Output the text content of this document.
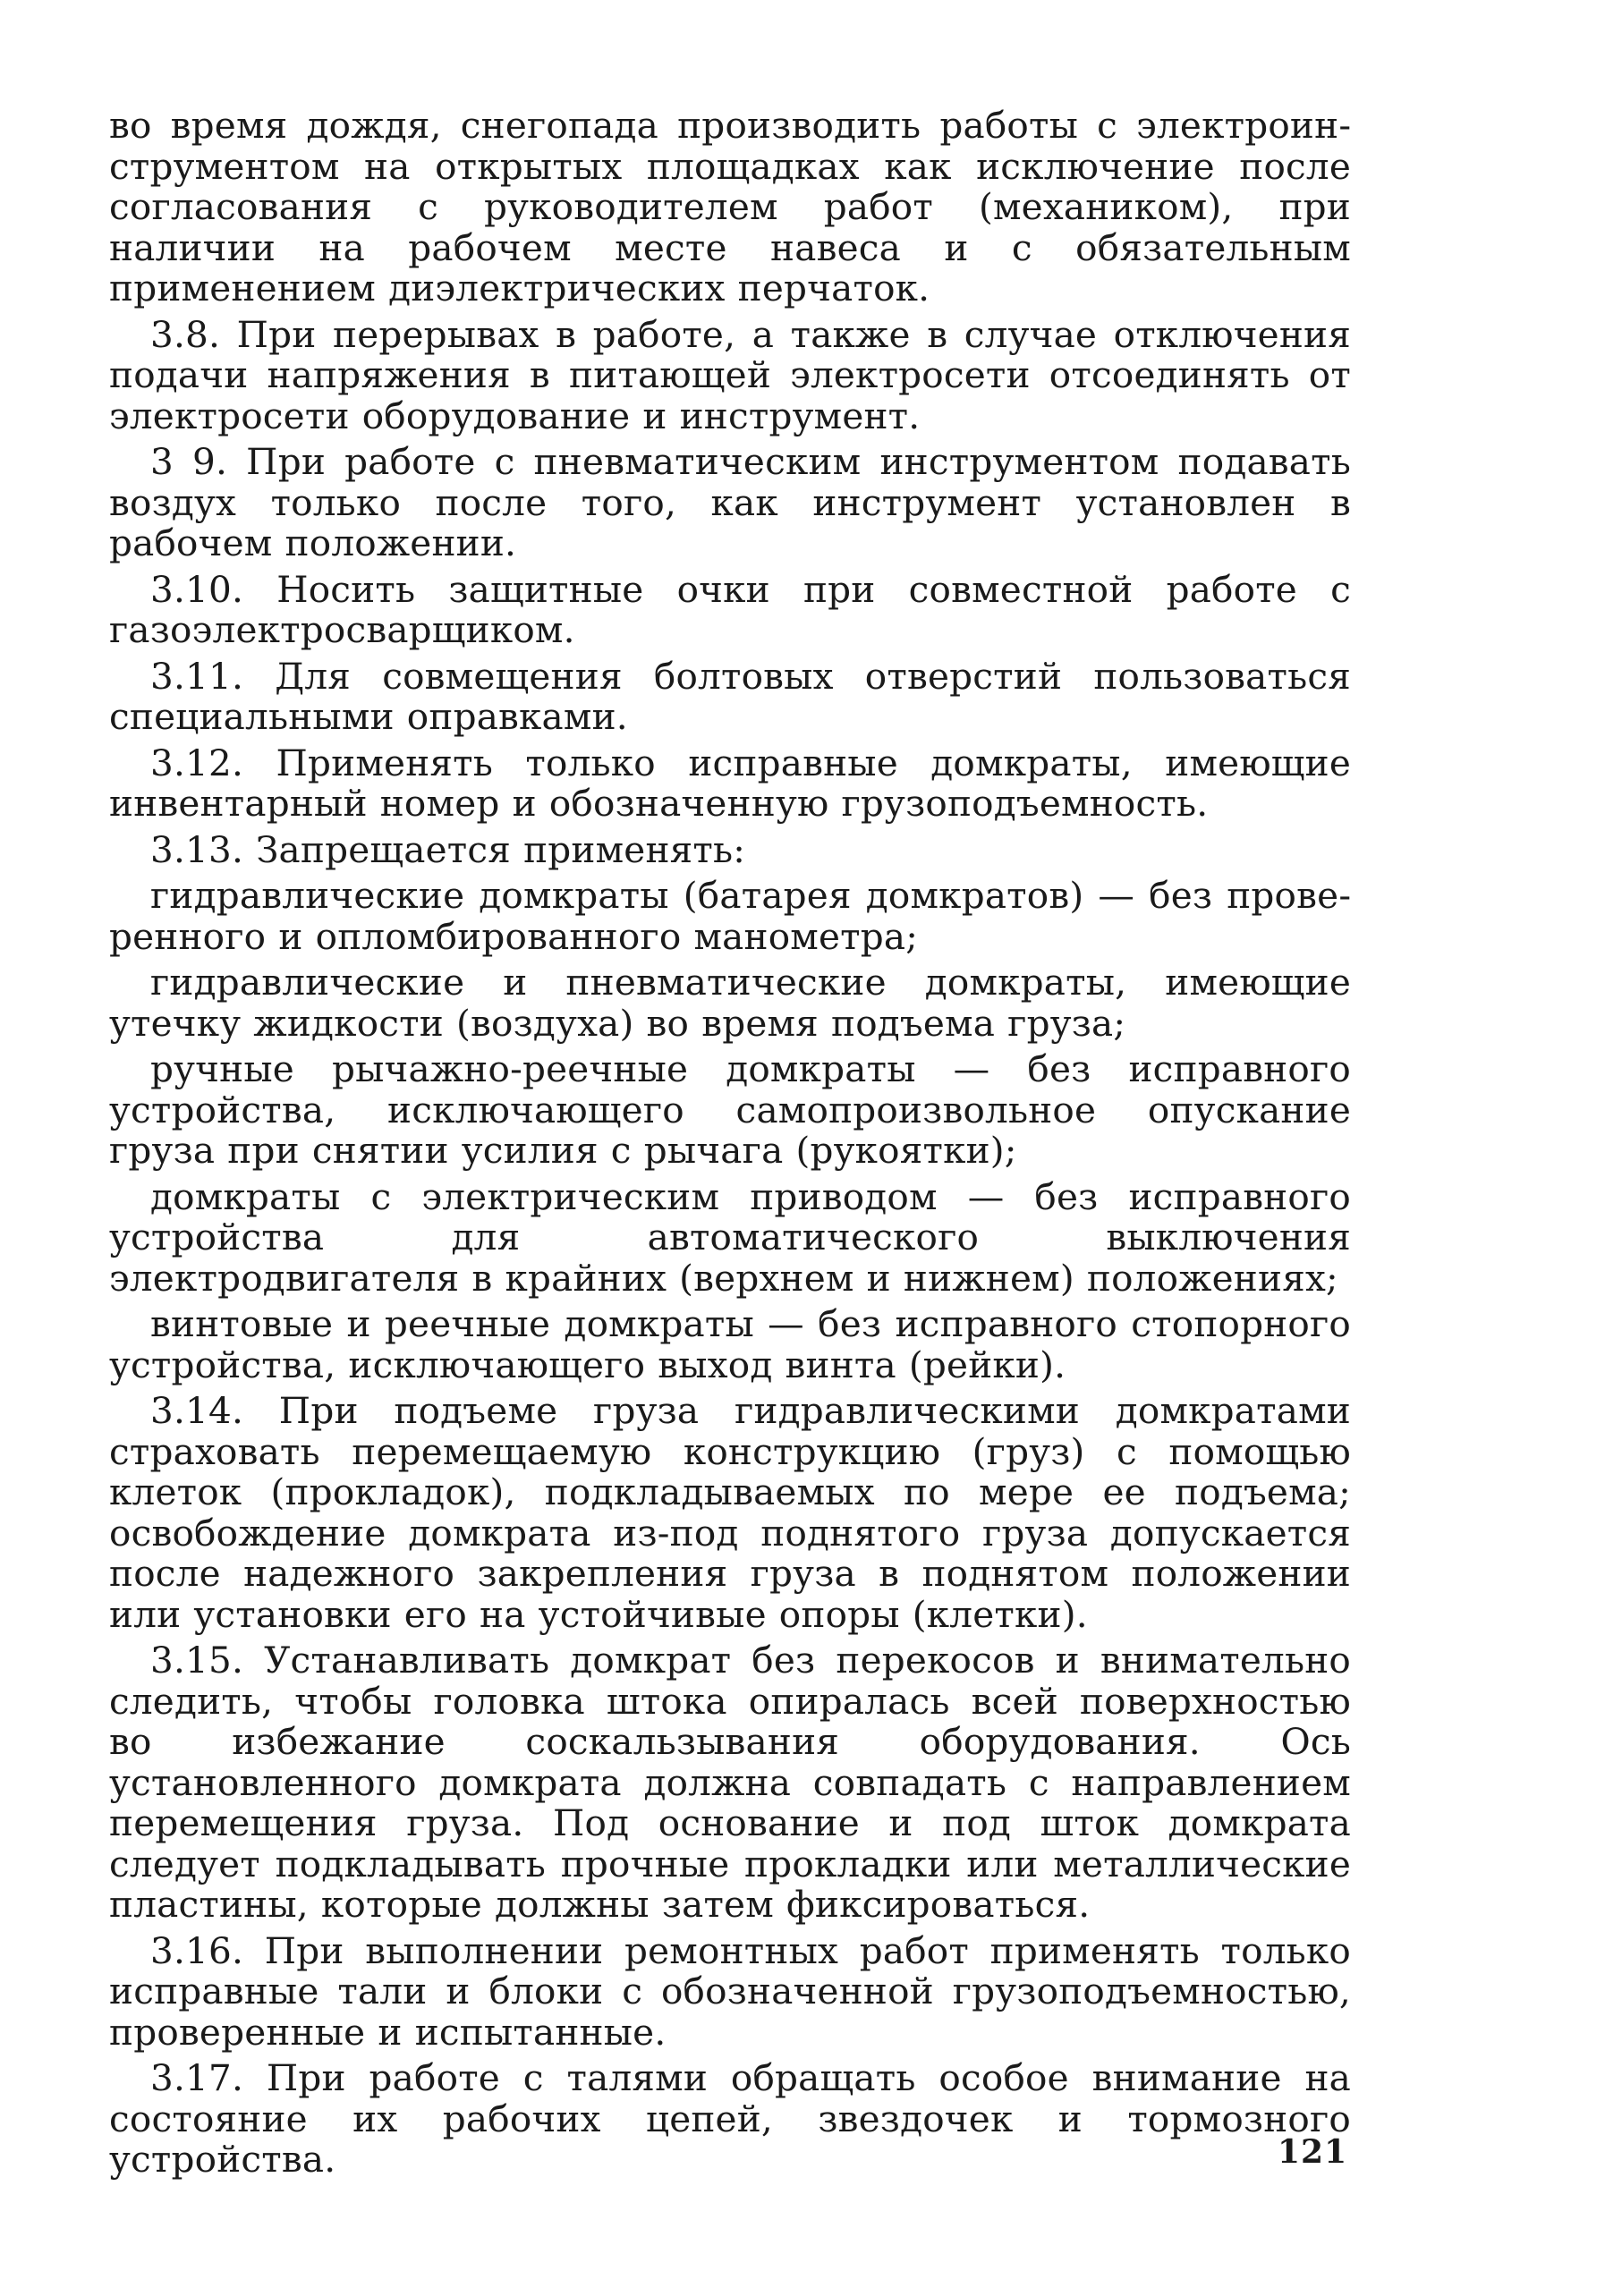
во время дождя, снегопада производить работы с электроинструментом на открытых площадках как исключение после согласования с руководителем работ (механиком), при наличии на рабочем месте навеса и с обязательным применением диэлектрических перчаток.

3.8. При перерывах в работе, а также в случае отключения подачи напряжения в питающей электросети отсоединять от электросети оборудование и инструмент.

3 9. При работе с пневматическим инструментом подавать воздух только после того, как инструмент установлен в рабочем положении.

3.10. Носить защитные очки при совместной работе с газоэлектросварщиком.

3.11. Для совмещения болтовых отверстий пользоваться специальными оправками.

3.12. Применять только исправные домкраты, имеющие инвентарный номер и обозначенную грузоподъемность.

3.13. Запрещается применять:

гидравлические домкраты (батарея домкратов) — без проверенного и опломбированного манометра;

гидравлические и пневматические домкраты, имеющие утечку жидкости (воздуха) во время подъема груза;

ручные рычажно-реечные домкраты — без исправного устройства, исключающего самопроизвольное опускание груза при снятии усилия с рычага (рукоятки);

домкраты с электрическим приводом — без исправного устройства для автоматического выключения электродвигателя в крайних (верхнем и нижнем) положениях;

винтовые и реечные домкраты — без исправного стопорного устройства, исключающего выход винта (рейки).

3.14. При подъеме груза гидравлическими домкратами страховать перемещаемую конструкцию (груз) с помощью клеток (прокладок), подкладываемых по мере ее подъема; освобождение домкрата из-под поднятого груза допускается после надежного закрепления груза в поднятом положении или установки его на устойчивые опоры (клетки).

3.15. Устанавливать домкрат без перекосов и внимательно следить, чтобы головка штока опиралась всей поверхностью во избежание соскальзывания оборудования. Ось установленного домкрата должна совпадать с направлением перемещения груза. Под основание и под шток домкрата следует подкладывать прочные прокладки или металлические пластины, которые должны затем фиксироваться.

3.16. При выполнении ремонтных работ применять только исправные тали и блоки с обозначенной грузоподъемностью, проверенные и испытанные.

3.17. При работе с талями обращать особое внимание на состояние их рабочих цепей, звездочек и тормозного устройства.	121
